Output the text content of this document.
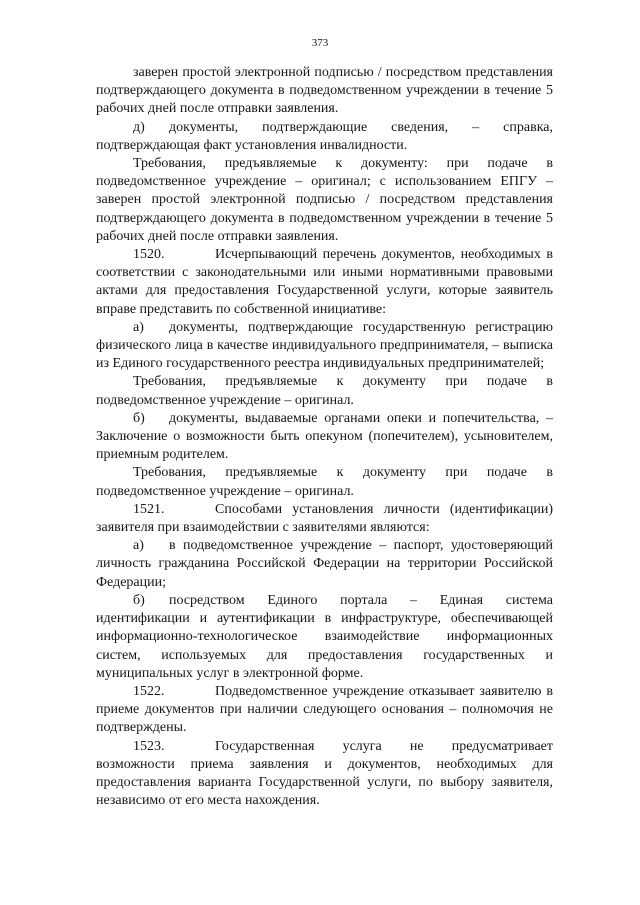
373

заверен простой электронной подписью / посредством представления подтверждающего документа в подведомственном учреждении в течение 5 рабочих дней после отправки заявления.

д) документы, подтверждающие сведения, – справка, подтверждающая факт установления инвалидности.

Требования, предъявляемые к документу: при подаче в подведомственное учреждение – оригинал; с использованием ЕПГУ – заверен простой электронной подписью / посредством представления подтверждающего документа в подведомственном учреждении в течение 5 рабочих дней после отправки заявления.

1520.	Исчерпывающий перечень документов, необходимых в соответствии с законодательными или иными нормативными правовыми актами для предоставления Государственной услуги, которые заявитель вправе представить по собственной инициативе:

а) документы, подтверждающие государственную регистрацию физического лица в качестве индивидуального предпринимателя, – выписка из Единого государственного реестра индивидуальных предпринимателей;

Требования, предъявляемые к документу при подаче в подведомственное учреждение – оригинал.

б) документы, выдаваемые органами опеки и попечительства, – Заключение о возможности быть опекуном (попечителем), усыновителем, приемным родителем.

Требования, предъявляемые к документу при подаче в подведомственное учреждение – оригинал.

1521.	Способами установления личности (идентификации) заявителя при взаимодействии с заявителями являются:

а) в подведомственное учреждение – паспорт, удостоверяющий личность гражданина Российской Федерации на территории Российской Федерации;

б) посредством Единого портала – Единая система идентификации и аутентификации в инфраструктуре, обеспечивающей информационно-технологическое взаимодействие информационных систем, используемых для предоставления государственных и муниципальных услуг в электронной форме.

1522.	Подведомственное учреждение отказывает заявителю в приеме документов при наличии следующего основания – полномочия не подтверждены.

1523.	Государственная услуга не предусматривает возможности приема заявления и документов, необходимых для предоставления варианта Государственной услуги, по выбору заявителя, независимо от его места нахождения.
